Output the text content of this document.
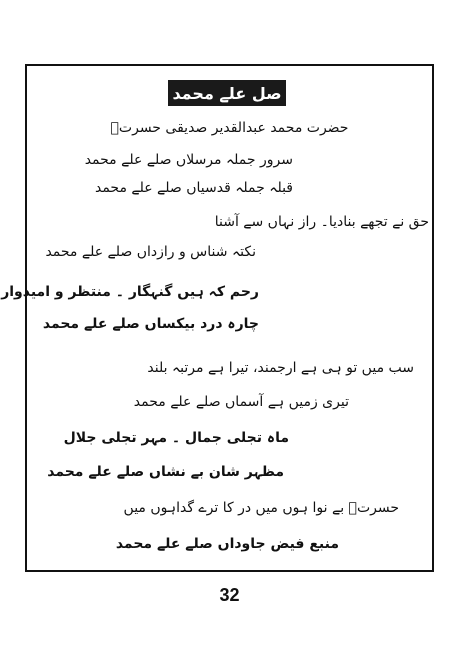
صل علے محمد
حضرت محمد عبدالقدیر صدیقی حسرتؔ
سرور جملہ مرسلاں صلے علے محمد
قبلہ جملہ قدسیاں صلے علے محمد
حق نے تجھے بنادیا۔ راز نہاں سے آشنا
نکتہ شناس و رازداں صلے علے محمد
رحم کہ ہیں گنہگار ۔ منتظر و امیدوار
چارہ درد بیکساں صلے علے محمد
سب میں تو ہی ہے ارجمند، تیرا ہے مرتبہ بلند
تیری زمیں ہے آسماں صلے علے محمد
ماہ تجلی جمال ۔ مہر تجلی جلال
مظہر شان بے نشاں صلے علے محمد
حسرتؔ بے نوا ہوں میں در کا ترے گداہوں میں
منبع فیض جاوداں صلے علے محمد
32
